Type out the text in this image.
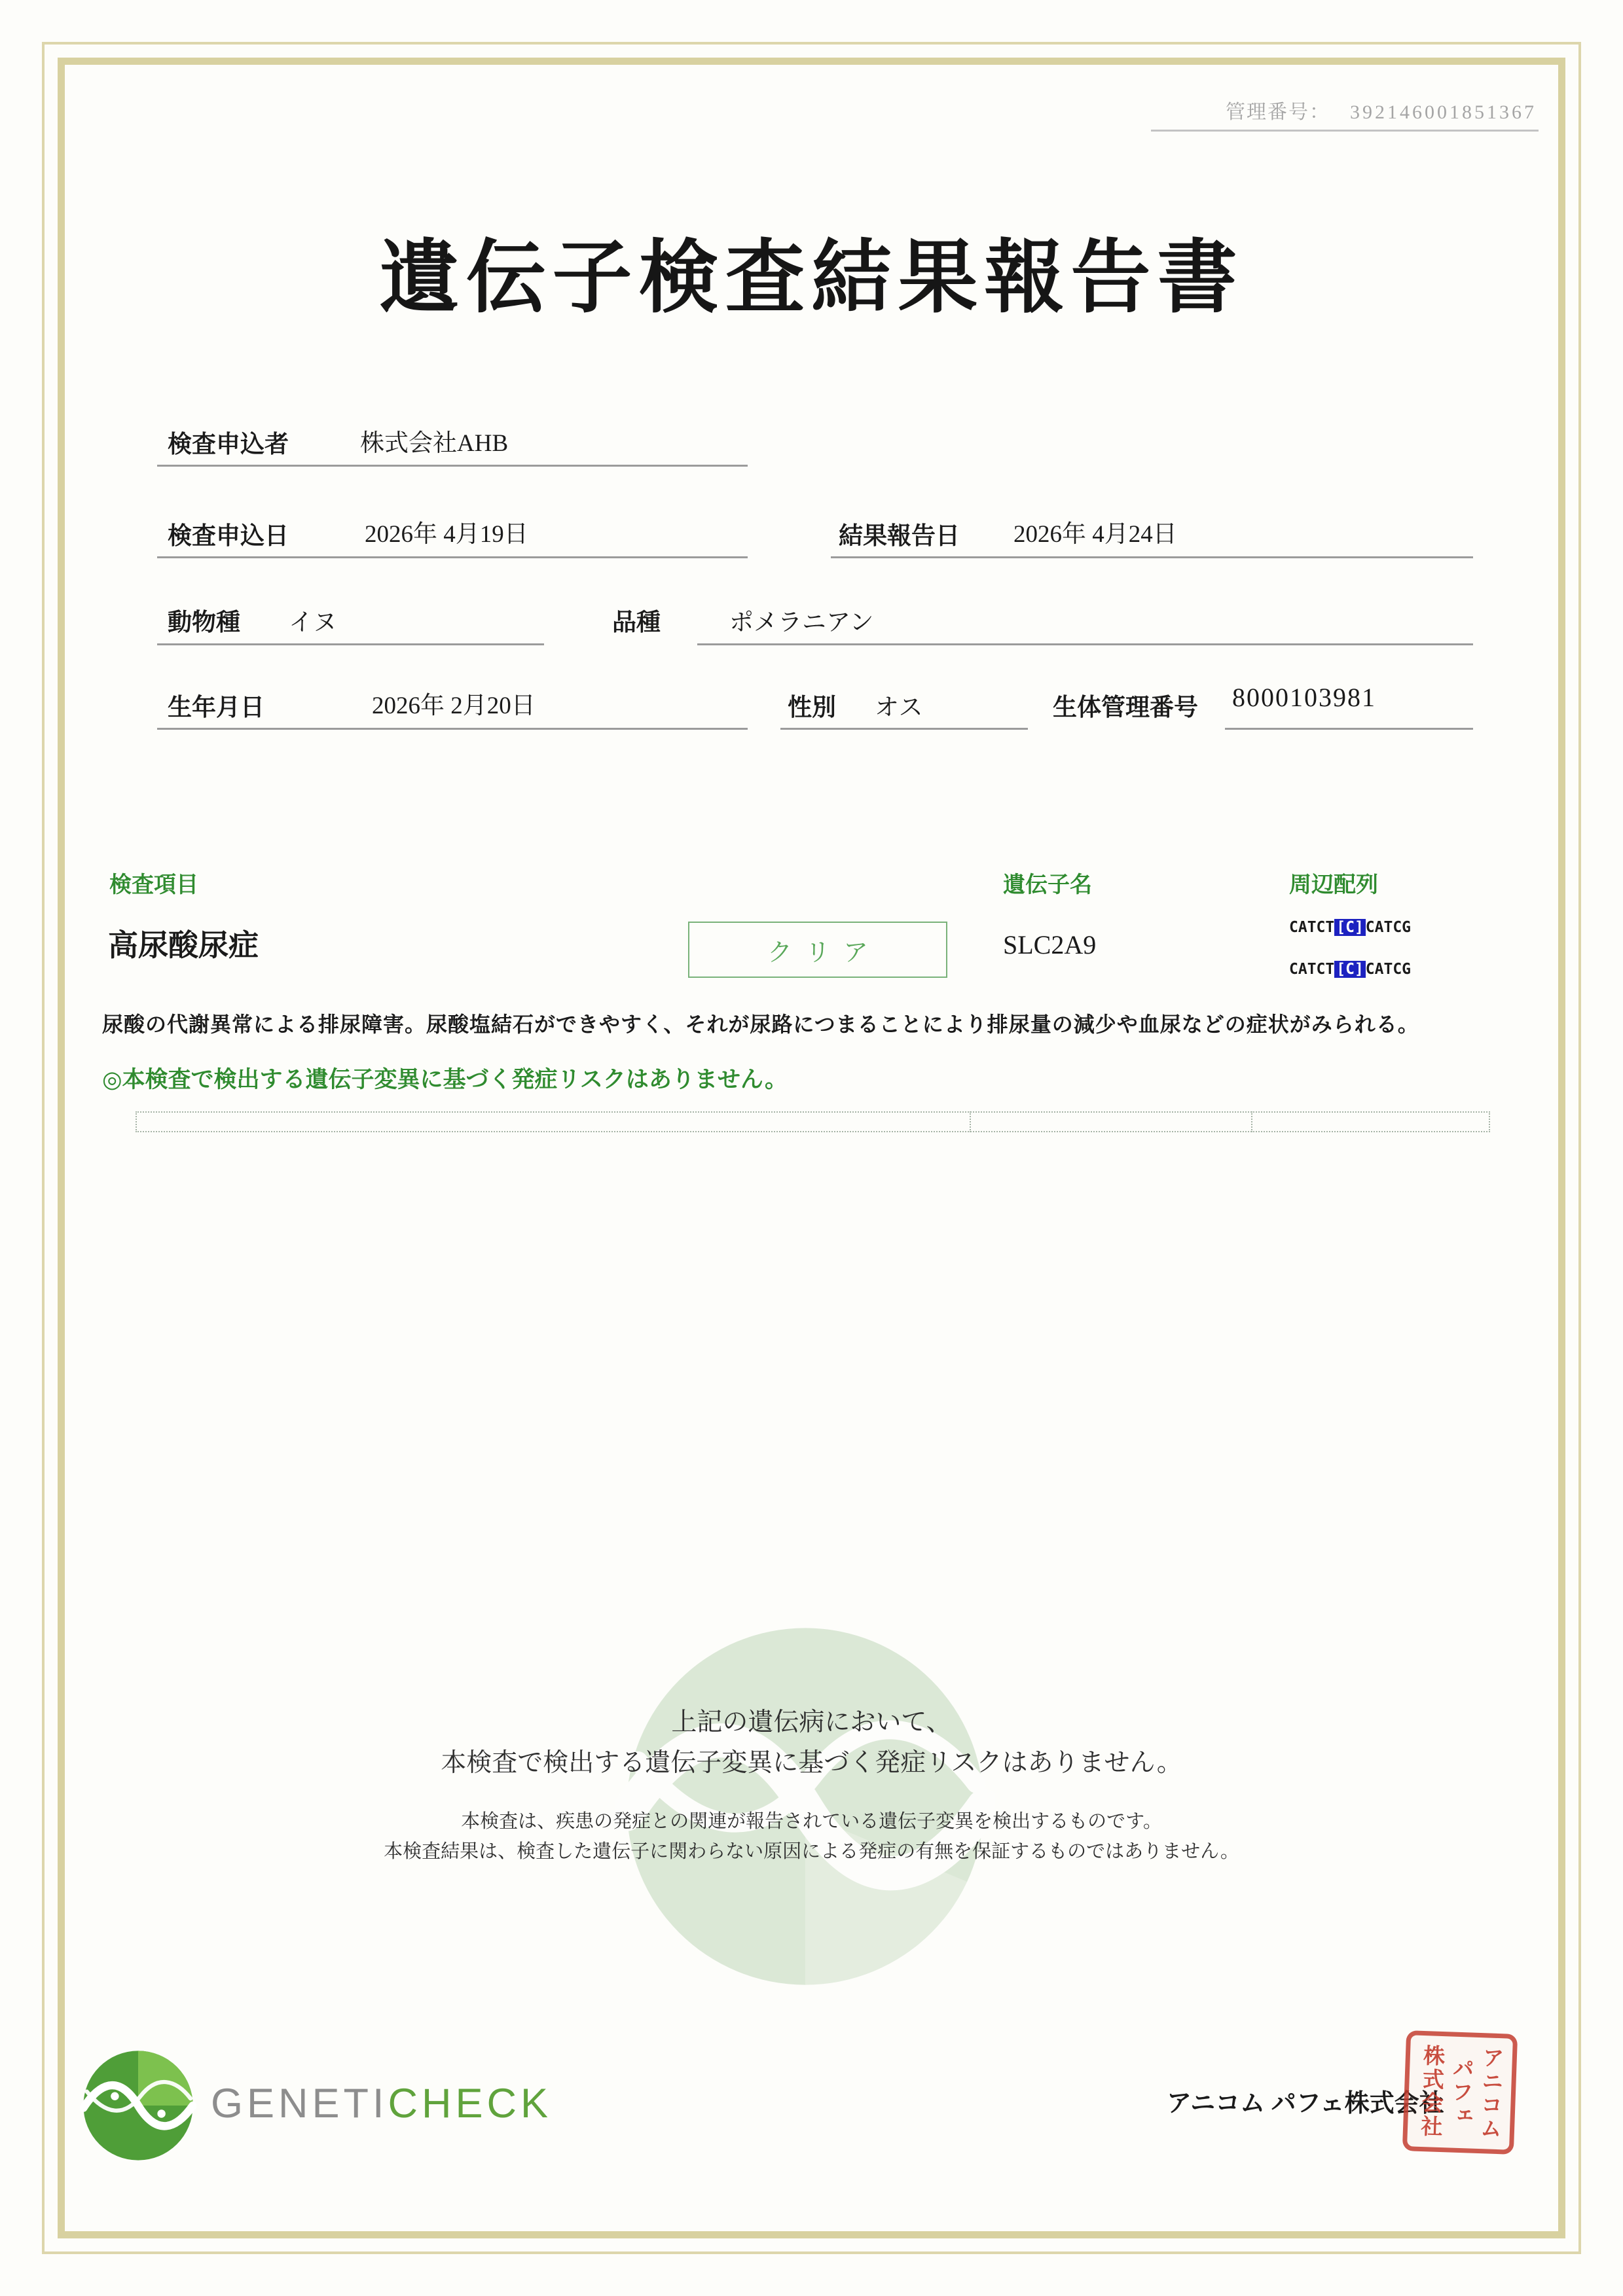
管理番号： 392146001851367
遺伝子検査結果報告書
検査申込者	株式会社AHB
検査申込日	2026年 4月19日	結果報告日 2026年 4月24日
動物種 イヌ	品種	ポメラニアン
生年月日	2026年 2月20日	性別 オス	生体管理番号 8000103981
検査項目	遺伝子名	周辺配列
高尿酸尿症	クリア	SLC2A9
CATCT [C] CATCG
CATCT [C] CATCG
尿酸の代謝異常による排尿障害。尿酸塩結石ができやすく、それが尿路につまることにより排尿量の減少や血尿などの症状がみられる。
◎本検査で検出する遺伝子変異に基づく発症リスクはありません。
上記の遺伝病において、
本検査で検出する遺伝子変異に基づく発症リスクはありません。
本検査は、疾患の発症との関連が報告されている遺伝子変異を検出するものです。
本検査結果は、検査した遺伝子に関わらない原因による発症の有無を保証するものではありません。
GENETICHECK	アニコム パフェ株式会社 アニコム
パフェ
株式会社
